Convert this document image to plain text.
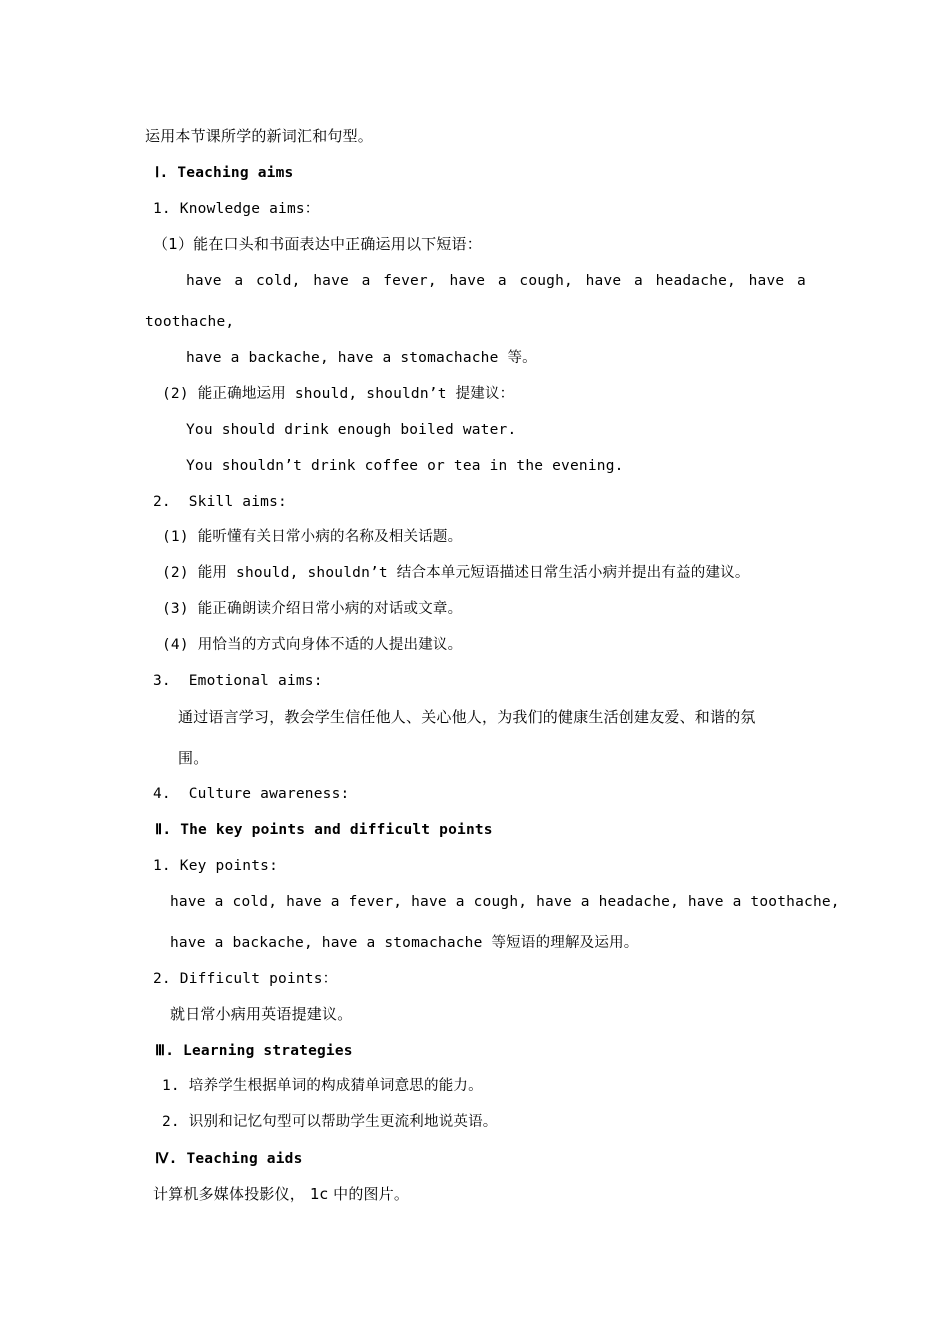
运用本节课所学的新词汇和句型。
Ⅰ. Teaching aims
1. Knowledge aims：
（1）能在口头和书面表达中正确运用以下短语：
have a cold, have a fever, have a cough, have a headache, have a
toothache,
have a backache, have a stomachache 等。
(2) 能正确地运用 should, shouldn’t 提建议：
You should drink enough boiled water.
You shouldn’t drink coffee or tea in the evening.
2.  Skill aims:
(1) 能听懂有关日常小病的名称及相关话题。
(2) 能用 should, shouldn’t 结合本单元短语描述日常生活小病并提出有益的建议。
(3) 能正确朗读介绍日常小病的对话或文章。
(4) 用恰当的方式向身体不适的人提出建议。
3.  Emotional aims:
通过语言学习，教会学生信任他人、关心他人，为我们的健康生活创建友爱、和谐的氛
围。
4.  Culture awareness:
Ⅱ. The key points and difficult points
1. Key points:
have a cold, have a fever, have a cough, have a headache, have a toothache,
have a backache, have a stomachache 等短语的理解及运用。
2. Difficult points：
就日常小病用英语提建议。
Ⅲ. Learning strategies
1. 培养学生根据单词的构成猜单词意思的能力。
2. 识别和记忆句型可以帮助学生更流利地说英语。
Ⅳ. Teaching aids
计算机多媒体投影仪， 1c 中的图片。
